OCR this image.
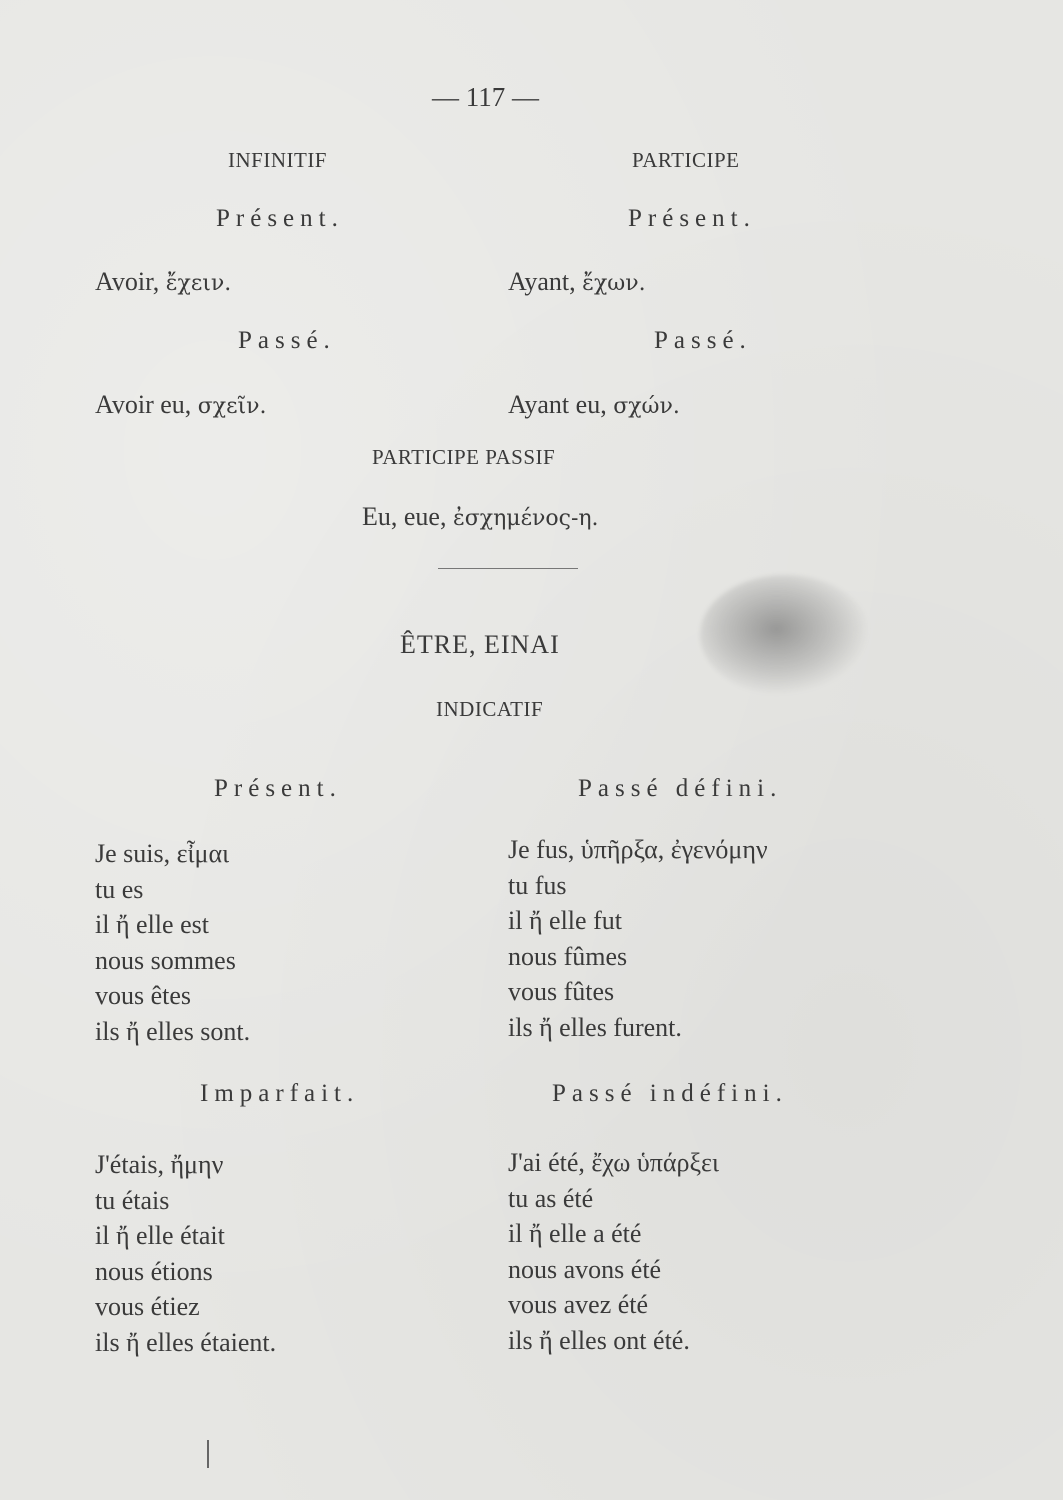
— 117 —
INFINITIF
Présent.
Avoir, ἔχειν.
Passé.
Avoir eu, σχεῖν.
PARTICIPE
Présent.
Ayant, ἔχων.
Passé.
Ayant eu, σχών.
PARTICIPE PASSIF
Eu, eue, ἐσχημένος-η.
ÊTRE, EINAI
INDICATIF
Présent.
Je suis, εἶμαι
tu es
il ἤ elle est
nous sommes
vous êtes
ils ἤ elles sont.
Passé défini.
Je fus, ὑπῆρξα, ἐγενόμην
tu fus
il ἤ elle fut
nous fûmes
vous fûtes
ils ἤ elles furent.
Imparfait.
J'étais, ἤμην
tu étais
il ἤ elle était
nous étions
vous étiez
ils ἤ elles étaient.
Passé indéfini.
J'ai été, ἔχω ὑπάρξει
tu as été
il ἤ elle a été
nous avons été
vous avez été
ils ἤ elles ont été.
